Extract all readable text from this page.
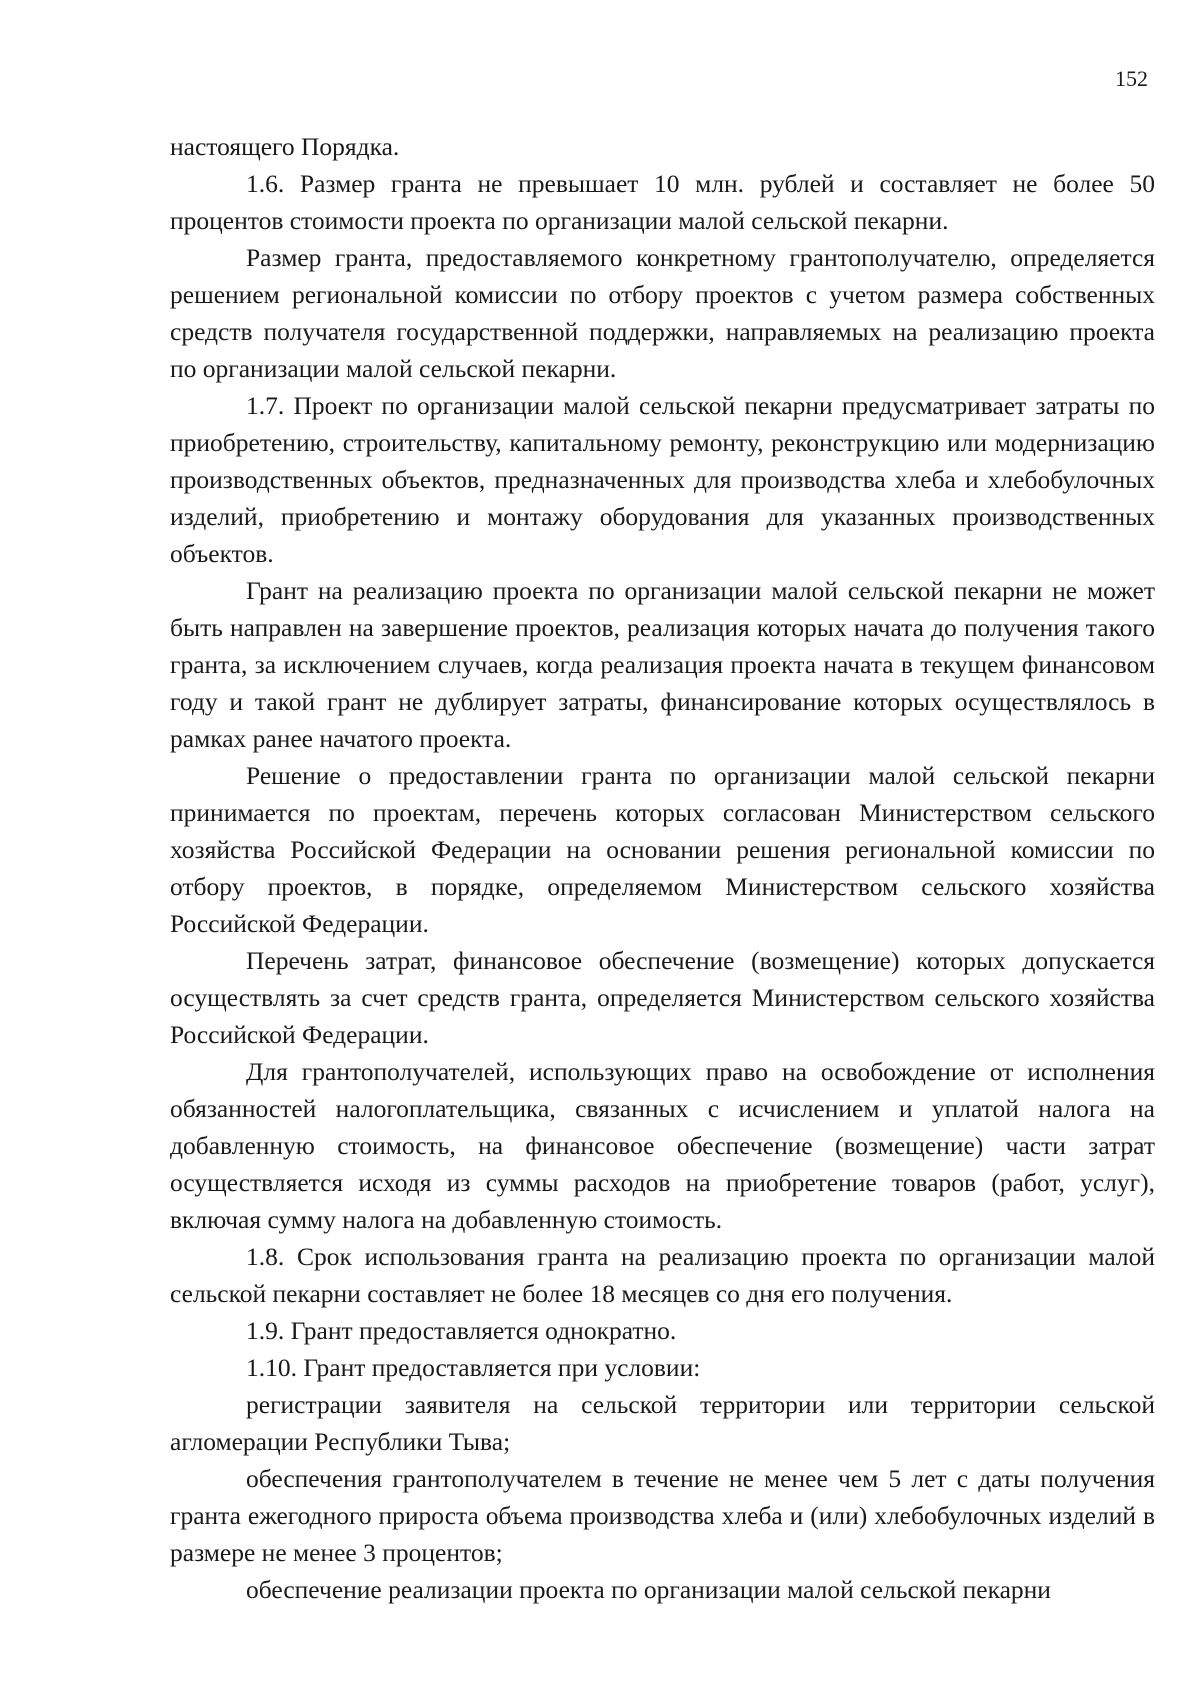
152

настоящего Порядка.

1.6. Размер гранта не превышает 10 млн. рублей и составляет не более 50 процентов стоимости проекта по организации малой сельской пекарни.

Размер гранта, предоставляемого конкретному грантополучателю, определяется решением региональной комиссии по отбору проектов с учетом размера собственных средств получателя государственной поддержки, направляемых на реализацию проекта по организации малой сельской пекарни.

1.7. Проект по организации малой сельской пекарни предусматривает затраты по приобретению, строительству, капитальному ремонту, реконструкцию или модернизацию производственных объектов, предназначенных для производства хлеба и хлебобулочных изделий, приобретению и монтажу оборудования для указанных производственных объектов.

Грант на реализацию проекта по организации малой сельской пекарни не может быть направлен на завершение проектов, реализация которых начата до получения такого гранта, за исключением случаев, когда реализация проекта начата в текущем финансовом году и такой грант не дублирует затраты, финансирование которых осуществлялось в рамках ранее начатого проекта.

Решение о предоставлении гранта по организации малой сельской пекарни принимается по проектам, перечень которых согласован Министерством сельского хозяйства Российской Федерации на основании решения региональной комиссии по отбору проектов, в порядке, определяемом Министерством сельского хозяйства Российской Федерации.

Перечень затрат, финансовое обеспечение (возмещение) которых допускается осуществлять за счет средств гранта, определяется Министерством сельского хозяйства Российской Федерации.

Для грантополучателей, использующих право на освобождение от исполнения обязанностей налогоплательщика, связанных с исчислением и уплатой налога на добавленную стоимость, на финансовое обеспечение (возмещение) части затрат осуществляется исходя из суммы расходов на приобретение товаров (работ, услуг), включая сумму налога на добавленную стоимость.

1.8. Срок использования гранта на реализацию проекта по организации малой сельской пекарни составляет не более 18 месяцев со дня его получения.

1.9. Грант предоставляется однократно.

1.10. Грант предоставляется при условии:

регистрации заявителя на сельской территории или территории сельской агломерации Республики Тыва;

обеспечения грантополучателем в течение не менее чем 5 лет с даты получения гранта ежегодного прироста объема производства хлеба и (или) хлебобулочных изделий в размере не менее 3 процентов;

обеспечение реализации проекта по организации малой сельской пекарни
